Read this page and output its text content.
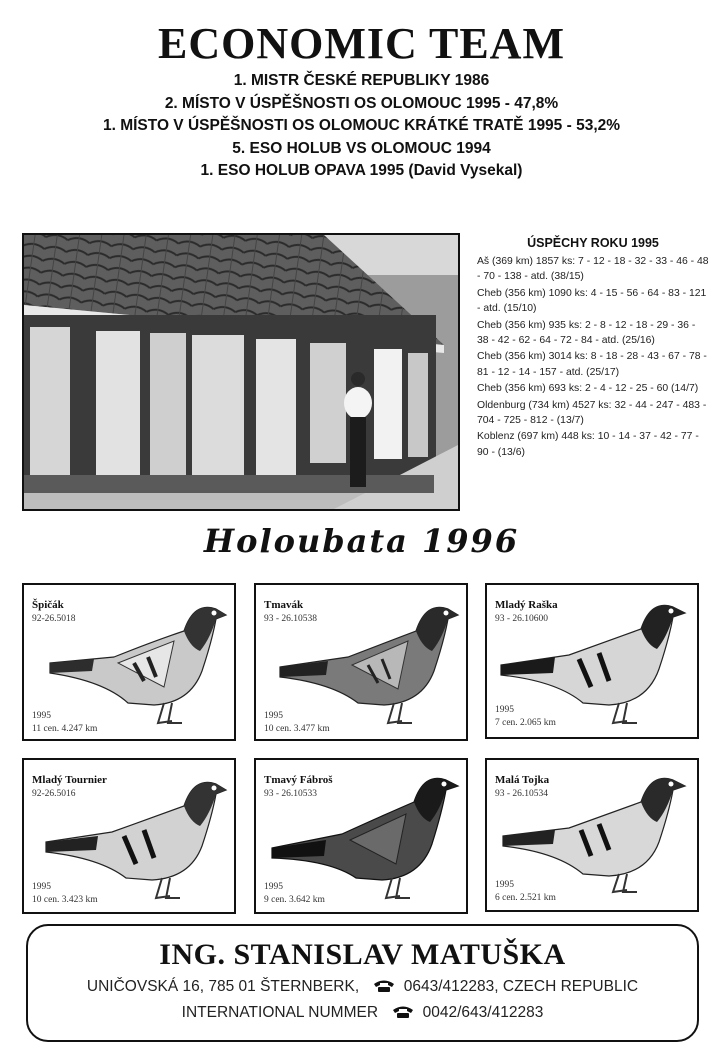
ECONOMIC TEAM
1. MISTR ČESKÉ REPUBLIKY 1986
2. MÍSTO V ÚSPĚŠNOSTI OS OLOMOUC 1995 - 47,8%
1. MÍSTO V ÚSPĚŠNOSTI OS OLOMOUC KRÁTKÉ TRATĚ 1995 - 53,2%
5. ESO HOLUB VS OLOMOUC 1994
1. ESO HOLUB OPAVA 1995 (David Vysekal)
ÚSPĚCHY ROKU 1995
Aš (369 km) 1857 ks: 7 - 12 - 18 - 32 - 33 - 46 - 48 - 70 - 138 - atd. (38/15)
Cheb (356 km) 1090 ks: 4 - 15 - 56 - 64 - 83 - 121 - atd. (15/10)
Cheb (356 km) 935 ks: 2 - 8 - 12 - 18 - 29 - 36 - 38 - 42 - 62 - 64 - 72 - 84 - atd. (25/16)
Cheb (356 km) 3014 ks: 8 - 18 - 28 - 43 - 67 - 78 - 81 - 12 - 14 - 157 - atd. (25/17)
Cheb (356 km) 693 ks: 2 - 4 - 12 - 25 - 60 (14/7)
Oldenburg (734 km) 4527 ks: 32 - 44 - 247 - 483 - 704 - 725 - 812 - (13/7)
Koblenz (697 km) 448 ks: 10 - 14 - 37 - 42 - 77 - 90 - (13/6)
Holoubata 1996
Špičák
92-26.5018
1995
11 cen. 4.247 km
Tmavák
93 - 26.10538
1995
10 cen. 3.477 km
Mladý Raška
93 - 26.10600
1995
7 cen. 2.065 km
Mladý Tournier
92-26.5016
1995
10 cen. 3.423 km
Tmavý Fábroš
93 - 26.10533
1995
9 cen. 3.642 km
Malá Tojka
93 - 26.10534
1995
6 cen. 2.521 km
ING. STANISLAV MATUŠKA
UNIČOVSKÁ 16, 785 01 ŠTERNBERK,	0643/412283, CZECH REPUBLIC
INTERNATIONAL NUMMER	0042/643/412283
